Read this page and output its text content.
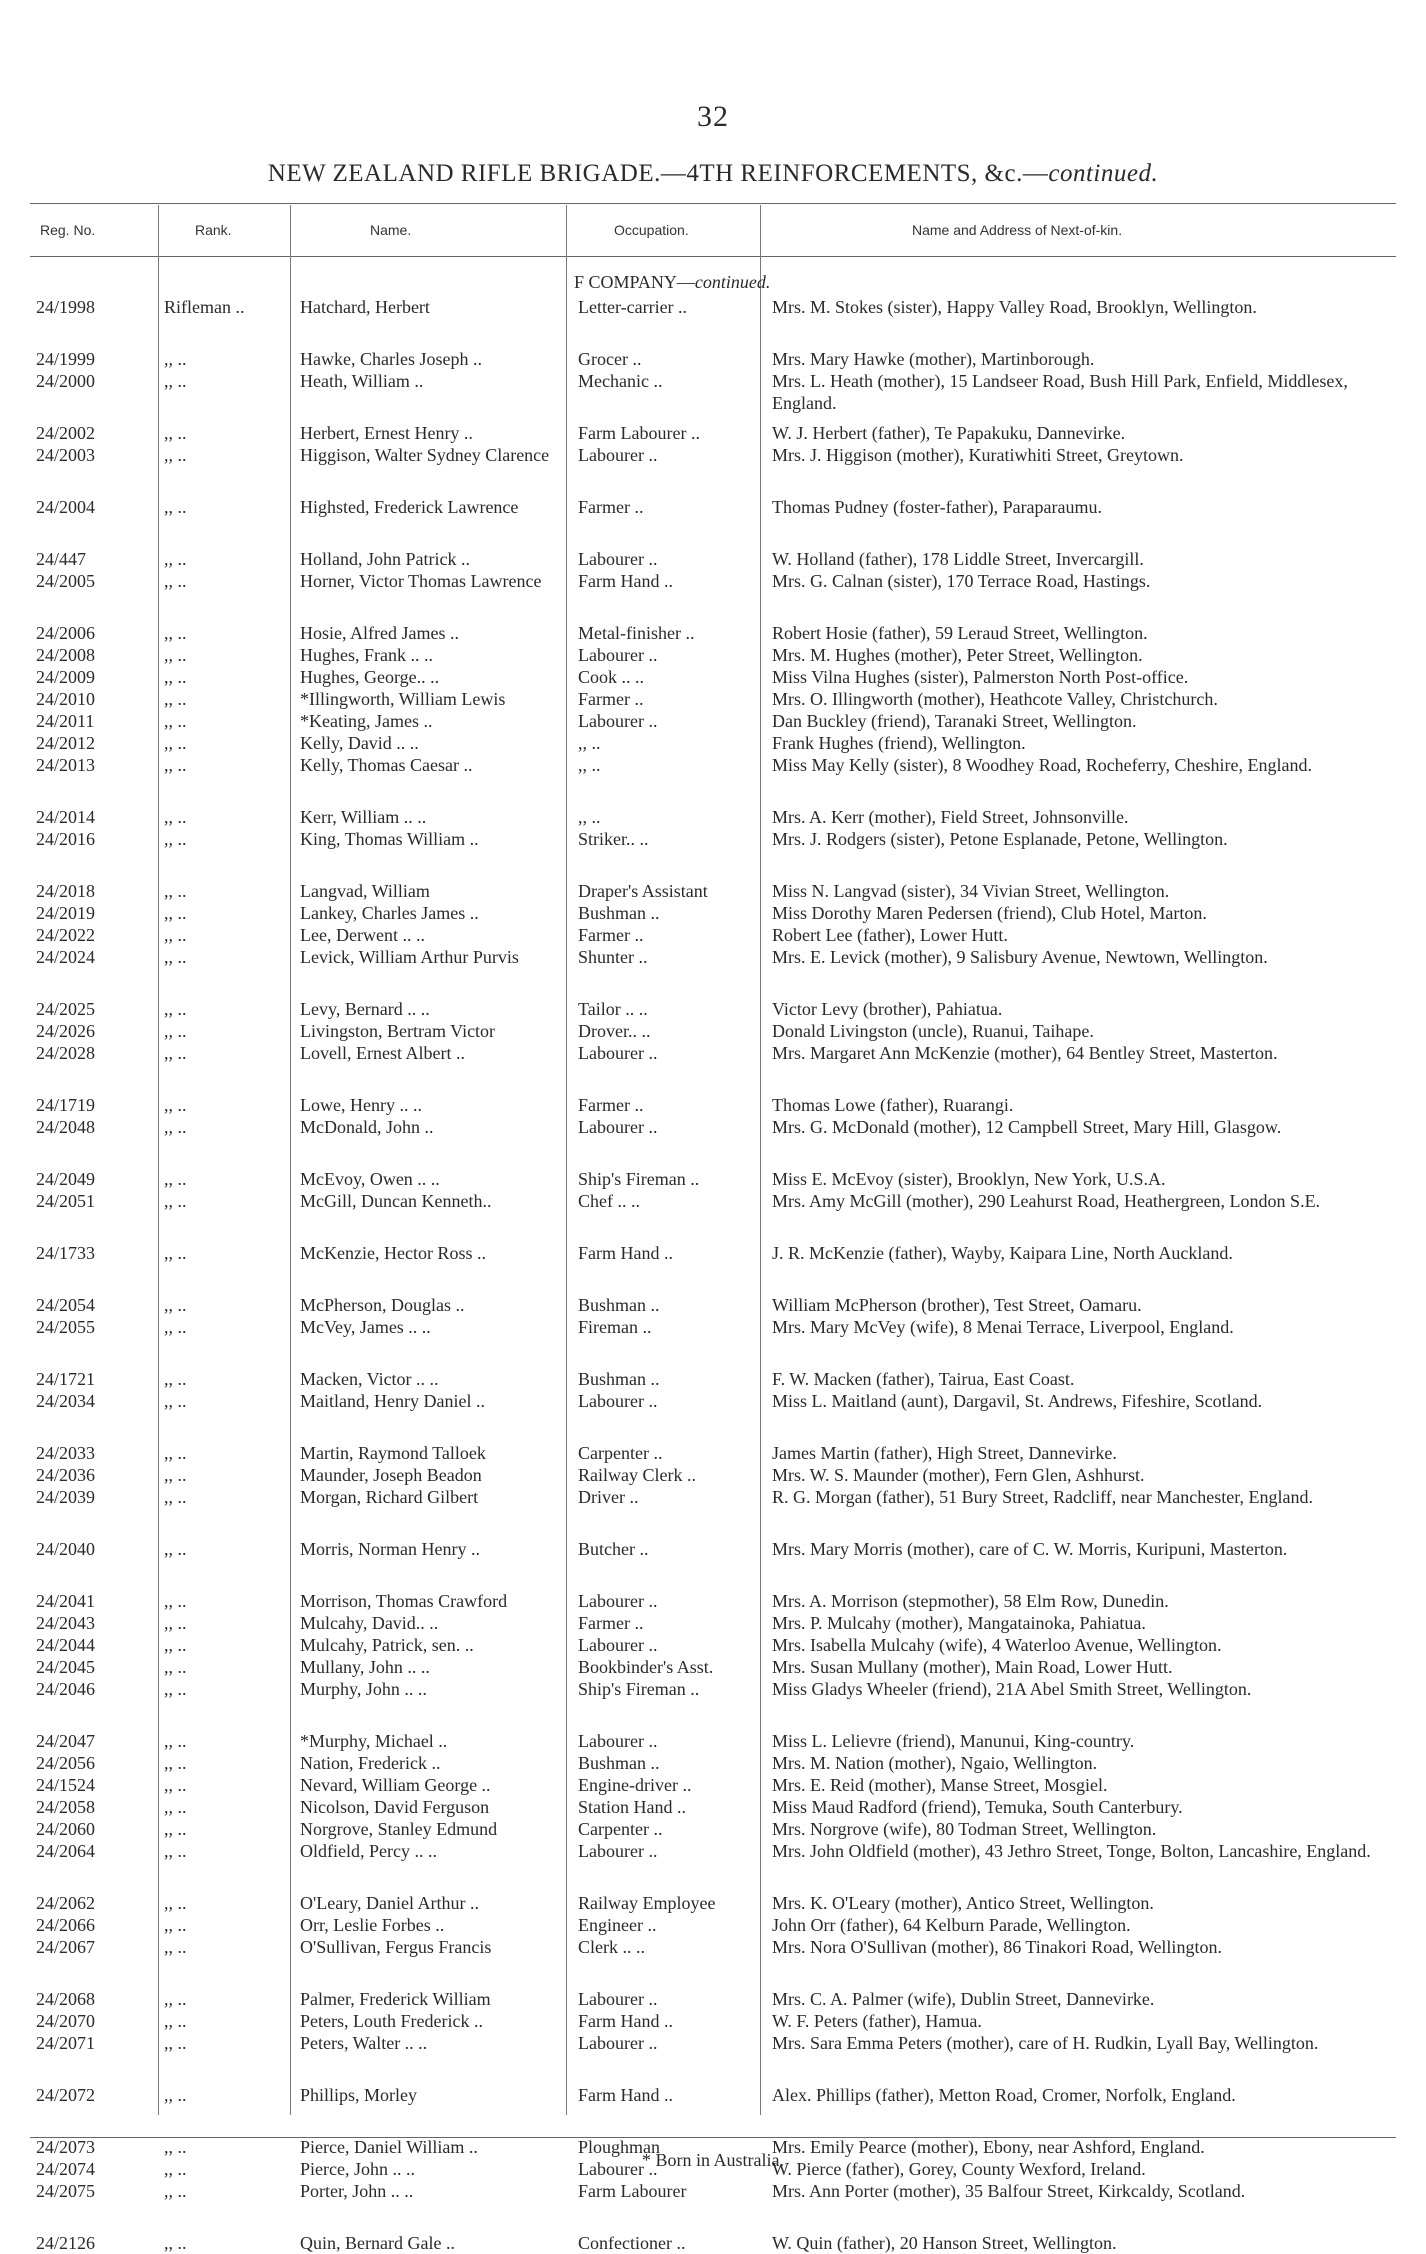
32
NEW ZEALAND RIFLE BRIGADE.—4TH REINFORCEMENTS, &c.—continued.
Reg. No.	Rank.	Name.	Occupation.	Name and Address of Next-of-kin.
F COMPANY—continued.
24/1998	Rifleman ..	Hatchard, Herbert	Letter-carrier ..	Mrs. M. Stokes (sister), Happy Valley Road, Brooklyn, Wellington.
24/1999	,, ..	Hawke, Charles Joseph ..	Grocer ..	Mrs. Mary Hawke (mother), Martinborough.
24/2000	,, ..	Heath, William ..	Mechanic ..	Mrs. L. Heath (mother), 15 Landseer Road, Bush Hill Park, Enfield, Middlesex, England.
24/2002	,, ..	Herbert, Ernest Henry ..	Farm Labourer ..	W. J. Herbert (father), Te Papakuku, Dannevirke.
24/2003	,, ..	Higgison, Walter Sydney Clarence	Labourer ..	Mrs. J. Higgison (mother), Kuratiwhiti Street, Greytown.
24/2004	,, ..	Highsted, Frederick Lawrence	Farmer ..	Thomas Pudney (foster-father), Paraparaumu.
24/447	,, ..	Holland, John Patrick ..	Labourer ..	W. Holland (father), 178 Liddle Street, Invercargill.
24/2005	,, ..	Horner, Victor Thomas Lawrence	Farm Hand ..	Mrs. G. Calnan (sister), 170 Terrace Road, Hastings.
24/2006	,, ..	Hosie, Alfred James ..	Metal-finisher ..	Robert Hosie (father), 59 Leraud Street, Wellington.
24/2008	,, ..	Hughes, Frank .. ..	Labourer ..	Mrs. M. Hughes (mother), Peter Street, Wellington.
24/2009	,, ..	Hughes, George.. ..	Cook .. ..	Miss Vilna Hughes (sister), Palmerston North Post-office.
24/2010	,, ..	*Illingworth, William Lewis	Farmer ..	Mrs. O. Illingworth (mother), Heathcote Valley, Christchurch.
24/2011	,, ..	*Keating, James ..	Labourer ..	Dan Buckley (friend), Taranaki Street, Wellington.
24/2012	,, ..	Kelly, David .. ..	,, ..	Frank Hughes (friend), Wellington.
24/2013	,, ..	Kelly, Thomas Caesar ..	,, ..	Miss May Kelly (sister), 8 Woodhey Road, Rocheferry, Cheshire, England.
24/2014	,, ..	Kerr, William .. ..	,, ..	Mrs. A. Kerr (mother), Field Street, Johnsonville.
24/2016	,, ..	King, Thomas William ..	Striker.. ..	Mrs. J. Rodgers (sister), Petone Esplanade, Petone, Wellington.
24/2018	,, ..	Langvad, William	Draper's Assistant	Miss N. Langvad (sister), 34 Vivian Street, Wellington.
24/2019	,, ..	Lankey, Charles James ..	Bushman ..	Miss Dorothy Maren Pedersen (friend), Club Hotel, Marton.
24/2022	,, ..	Lee, Derwent .. ..	Farmer ..	Robert Lee (father), Lower Hutt.
24/2024	,, ..	Levick, William Arthur Purvis	Shunter ..	Mrs. E. Levick (mother), 9 Salisbury Avenue, Newtown, Wellington.
24/2025	,, ..	Levy, Bernard .. ..	Tailor .. ..	Victor Levy (brother), Pahiatua.
24/2026	,, ..	Livingston, Bertram Victor	Drover.. ..	Donald Livingston (uncle), Ruanui, Taihape.
24/2028	,, ..	Lovell, Ernest Albert ..	Labourer ..	Mrs. Margaret Ann McKenzie (mother), 64 Bentley Street, Masterton.
24/1719	,, ..	Lowe, Henry .. ..	Farmer ..	Thomas Lowe (father), Ruarangi.
24/2048	,, ..	McDonald, John ..	Labourer ..	Mrs. G. McDonald (mother), 12 Campbell Street, Mary Hill, Glasgow.
24/2049	,, ..	McEvoy, Owen .. ..	Ship's Fireman ..	Miss E. McEvoy (sister), Brooklyn, New York, U.S.A.
24/2051	,, ..	McGill, Duncan Kenneth..	Chef .. ..	Mrs. Amy McGill (mother), 290 Leahurst Road, Heathergreen, London S.E.
24/1733	,, ..	McKenzie, Hector Ross ..	Farm Hand ..	J. R. McKenzie (father), Wayby, Kaipara Line, North Auckland.
24/2054	,, ..	McPherson, Douglas ..	Bushman ..	William McPherson (brother), Test Street, Oamaru.
24/2055	,, ..	McVey, James .. ..	Fireman ..	Mrs. Mary McVey (wife), 8 Menai Terrace, Liverpool, England.
24/1721	,, ..	Macken, Victor .. ..	Bushman ..	F. W. Macken (father), Tairua, East Coast.
24/2034	,, ..	Maitland, Henry Daniel ..	Labourer ..	Miss L. Maitland (aunt), Dargavil, St. Andrews, Fifeshire, Scotland.
24/2033	,, ..	Martin, Raymond Talloek	Carpenter ..	James Martin (father), High Street, Dannevirke.
24/2036	,, ..	Maunder, Joseph Beadon	Railway Clerk ..	Mrs. W. S. Maunder (mother), Fern Glen, Ashhurst.
24/2039	,, ..	Morgan, Richard Gilbert	Driver ..	R. G. Morgan (father), 51 Bury Street, Radcliff, near Manchester, England.
24/2040	,, ..	Morris, Norman Henry ..	Butcher ..	Mrs. Mary Morris (mother), care of C. W. Morris, Kuripuni, Masterton.
24/2041	,, ..	Morrison, Thomas Crawford	Labourer ..	Mrs. A. Morrison (stepmother), 58 Elm Row, Dunedin.
24/2043	,, ..	Mulcahy, David.. ..	Farmer ..	Mrs. P. Mulcahy (mother), Mangatainoka, Pahiatua.
24/2044	,, ..	Mulcahy, Patrick, sen. ..	Labourer ..	Mrs. Isabella Mulcahy (wife), 4 Waterloo Avenue, Wellington.
24/2045	,, ..	Mullany, John .. ..	Bookbinder's Asst.	Mrs. Susan Mullany (mother), Main Road, Lower Hutt.
24/2046	,, ..	Murphy, John .. ..	Ship's Fireman ..	Miss Gladys Wheeler (friend), 21A Abel Smith Street, Wellington.
24/2047	,, ..	*Murphy, Michael ..	Labourer ..	Miss L. Lelievre (friend), Manunui, King-country.
24/2056	,, ..	Nation, Frederick ..	Bushman ..	Mrs. M. Nation (mother), Ngaio, Wellington.
24/1524	,, ..	Nevard, William George ..	Engine-driver ..	Mrs. E. Reid (mother), Manse Street, Mosgiel.
24/2058	,, ..	Nicolson, David Ferguson	Station Hand ..	Miss Maud Radford (friend), Temuka, South Canterbury.
24/2060	,, ..	Norgrove, Stanley Edmund	Carpenter ..	Mrs. Norgrove (wife), 80 Todman Street, Wellington.
24/2064	,, ..	Oldfield, Percy .. ..	Labourer ..	Mrs. John Oldfield (mother), 43 Jethro Street, Tonge, Bolton, Lancashire, England.
24/2062	,, ..	O'Leary, Daniel Arthur ..	Railway Employee	Mrs. K. O'Leary (mother), Antico Street, Wellington.
24/2066	,, ..	Orr, Leslie Forbes ..	Engineer ..	John Orr (father), 64 Kelburn Parade, Wellington.
24/2067	,, ..	O'Sullivan, Fergus Francis	Clerk .. ..	Mrs. Nora O'Sullivan (mother), 86 Tinakori Road, Wellington.
24/2068	,, ..	Palmer, Frederick William	Labourer ..	Mrs. C. A. Palmer (wife), Dublin Street, Dannevirke.
24/2070	,, ..	Peters, Louth Frederick ..	Farm Hand ..	W. F. Peters (father), Hamua.
24/2071	,, ..	Peters, Walter .. ..	Labourer ..	Mrs. Sara Emma Peters (mother), care of H. Rudkin, Lyall Bay, Wellington.
24/2072	,, ..	Phillips, Morley	Farm Hand ..	Alex. Phillips (father), Metton Road, Cromer, Norfolk, England.
24/2073	,, ..	Pierce, Daniel William ..	Ploughman	Mrs. Emily Pearce (mother), Ebony, near Ashford, England.
24/2074	,, ..	Pierce, John .. ..	Labourer ..	W. Pierce (father), Gorey, County Wexford, Ireland.
24/2075	,, ..	Porter, John .. ..	Farm Labourer	Mrs. Ann Porter (mother), 35 Balfour Street, Kirkcaldy, Scotland.
24/2126	,, ..	Quin, Bernard Gale ..	Confectioner ..	W. Quin (father), 20 Hanson Street, Wellington.
* Born in Australia.
